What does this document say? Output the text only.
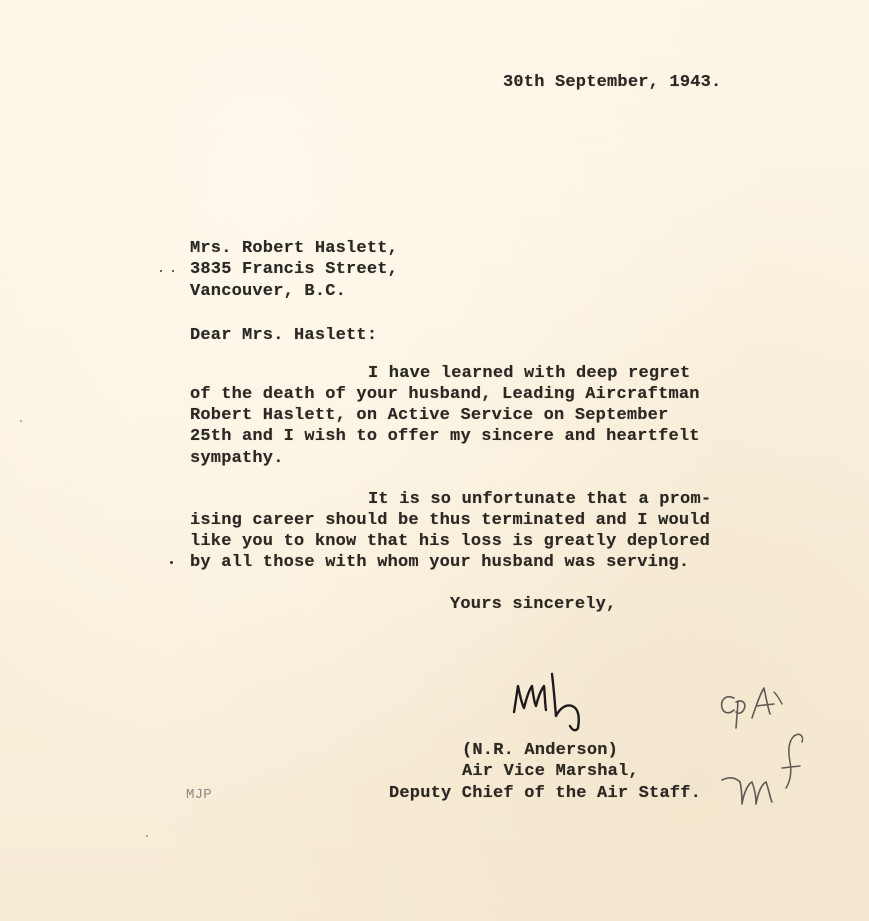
30th September, 1943.
Mrs. Robert Haslett,
3835 Francis Street,
Vancouver, B.C.
Dear Mrs. Haslett:
I have learned with deep regret
of the death of your husband, Leading Aircraftman
Robert Haslett, on Active Service on September
25th and I wish to offer my sincere and heartfelt
sympathy.
It is so unfortunate that a prom-
ising career should be thus terminated and I would
like you to know that his loss is greatly deplored
by all those with whom your husband was serving.
Yours sincerely,
(N.R. Anderson)
Air Vice Marshal,
Deputy Chief of the Air Staff.
MJP
